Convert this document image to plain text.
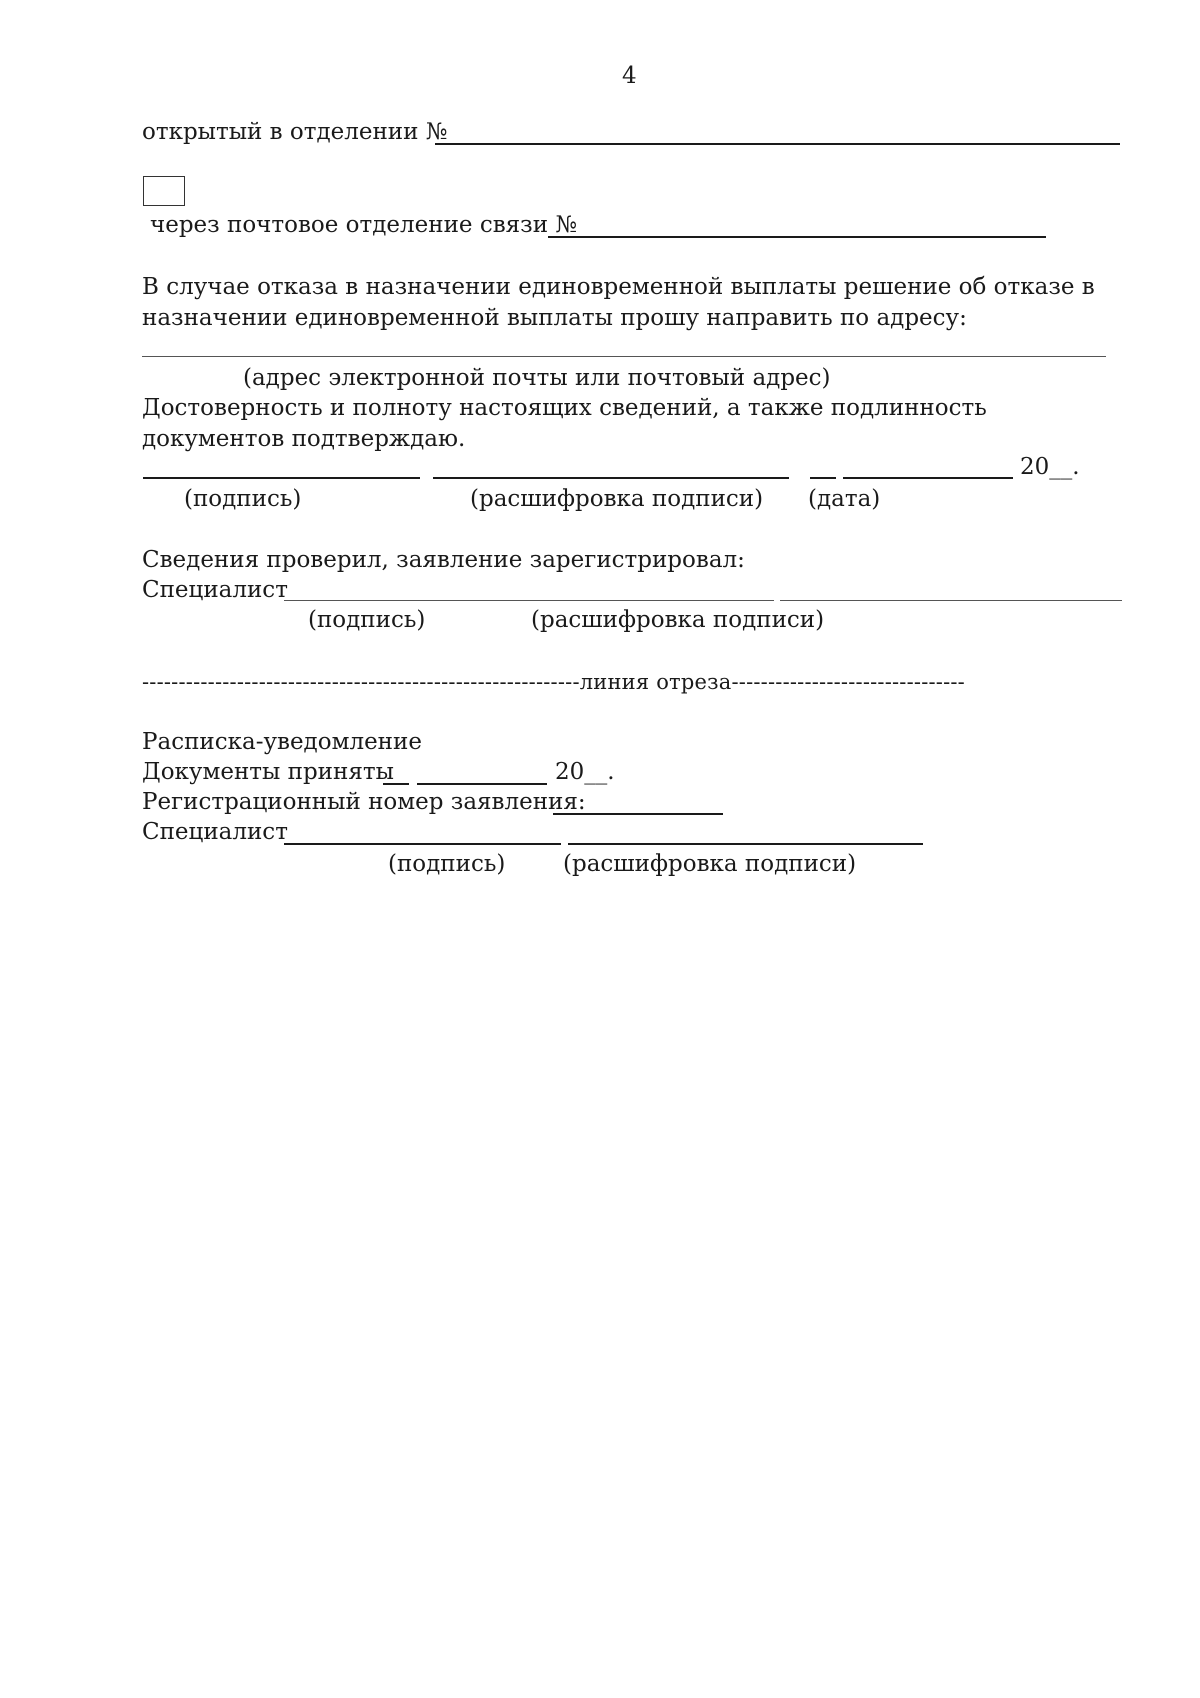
4
открытый в отделении №
через почтовое отделение связи №
В случае отказа в назначении единовременной выплаты решение об отказе в
назначении единовременной выплаты прошу направить по адресу:
(адрес электронной почты или почтовый адрес)
Достоверность и полноту настоящих сведений, а также подлинность
документов подтверждаю.
20__.
(подпись)	(расшифровка подписи) (дата)
Сведения проверил, заявление зарегистрировал:
Специалист
(подпись)	(расшифровка подписи)
------------------------------------------------------------линия отреза--------------------------------
Расписка-уведомление
Документы приняты	20__.
Регистрационный номер заявления:
Специалист
(подпись)	(расшифровка подписи)
